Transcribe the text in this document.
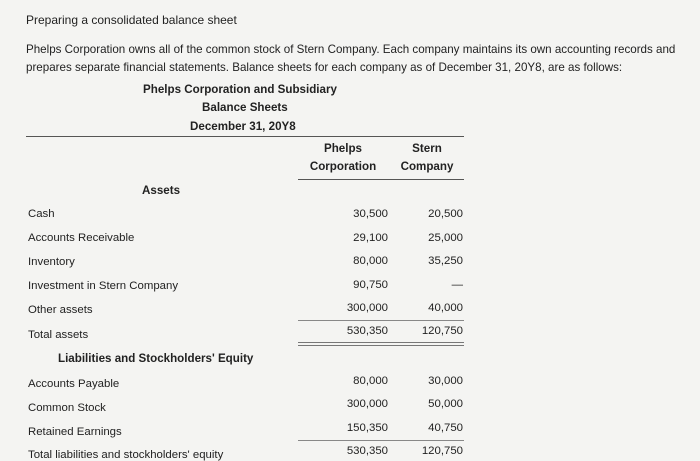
Preparing a consolidated balance sheet
Phelps Corporation owns all of the common stock of Stern Company. Each company maintains its own accounting records and prepares separate financial statements. Balance sheets for each company as of December 31, 20Y8, are as follows:
Phelps Corporation and Subsidiary
Balance Sheets
December 31, 20Y8
Phelps
Corporation
Stern
Company
Assets
Cash	30,500	20,500
Accounts Receivable	29,100	25,000
Inventory	80,000	35,250
Investment in Stern Company	90,750	—
Other assets	300,000	40,000
Total assets	530,350	120,750
Liabilities and Stockholders' Equity
Accounts Payable	80,000	30,000
Common Stock	300,000	50,000
Retained Earnings	150,350	40,750
Total liabilities and stockholders' equity	530,350	120,750
